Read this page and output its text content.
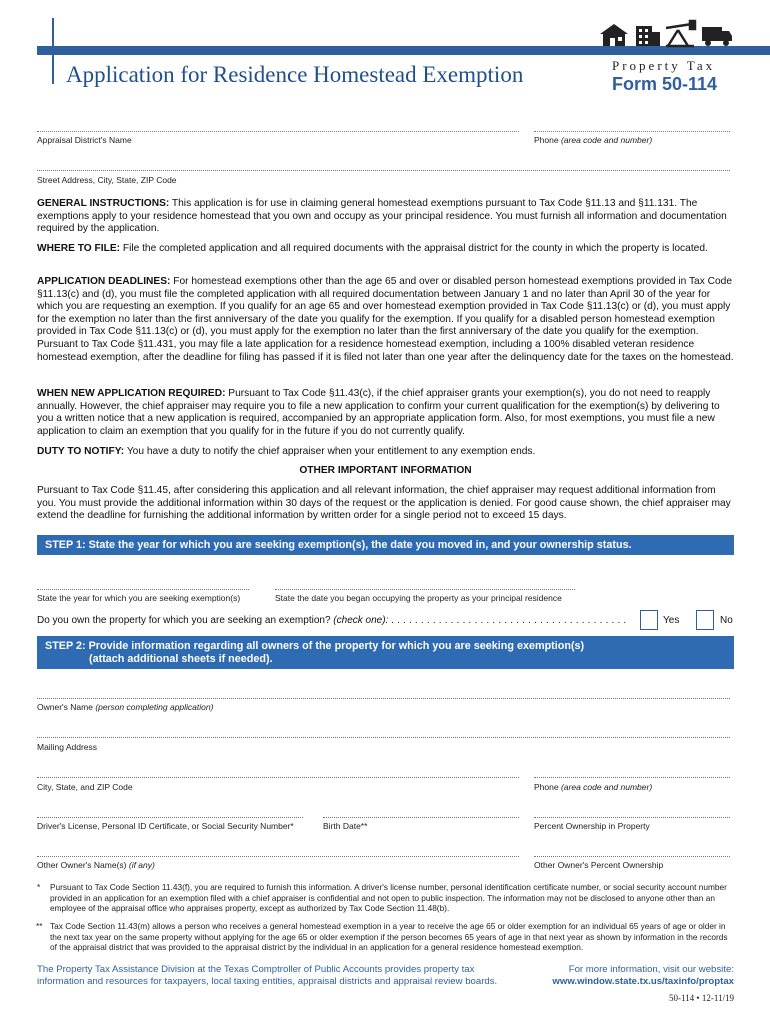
Application for Residence Homestead Exemption	Property Tax
Form 50-114
Appraisal District's Name	Phone (area code and number)
Street Address, City, State, ZIP Code
GENERAL INSTRUCTIONS: This application is for use in claiming general homestead exemptions pursuant to Tax Code §11.13 and §11.131. The exemptions apply to your residence homestead that you own and occupy as your principal residence. You must furnish all information and documentation required by the application.
WHERE TO FILE: File the completed application and all required documents with the appraisal district for the county in which the property is located.
APPLICATION DEADLINES: For homestead exemptions other than the age 65 and over or disabled person homestead exemptions provided in Tax Code §11.13(c) and (d), you must file the completed application with all required documentation between January 1 and no later than April 30 of the year for which you are requesting an exemption. If you qualify for an age 65 and over homestead exemption provided in Tax Code §11.13(c) or (d), you must apply for the exemption no later than the first anniversary of the date you qualify for the exemption. If you qualify for a disabled person homestead exemption provided in Tax Code §11.13(c) or (d), you must apply for the exemption no later than the first anniversary of the date you qualify for the exemption. Pursuant to Tax Code §11.431, you may file a late application for a residence homestead exemption, including a 100% disabled veteran residence homestead exemption, after the deadline for filing has passed if it is filed not later than one year after the delinquency date for the taxes on the homestead.
WHEN NEW APPLICATION REQUIRED: Pursuant to Tax Code §11.43(c), if the chief appraiser grants your exemption(s), you do not need to reapply annually. However, the chief appraiser may require you to file a new application to confirm your current qualification for the exemption(s) by delivering to you a written notice that a new application is required, accompanied by an appropriate application form. Also, for most exemptions, you must file a new application to claim an exemption that you qualify for in the future if you do not currently qualify.
DUTY TO NOTIFY: You have a duty to notify the chief appraiser when your entitlement to any exemption ends.
OTHER IMPORTANT INFORMATION
Pursuant to Tax Code §11.45, after considering this application and all relevant information, the chief appraiser may request additional information from you. You must provide the additional information within 30 days of the request or the application is denied. For good cause shown, the chief appraiser may extend the deadline for furnishing the additional information by written order for a single period not to exceed 15 days.
STEP 1: State the year for which you are seeking exemption(s), the date you moved in, and your ownership status.
State the year for which you are seeking exemption(s)	State the date you began occupying the property as your principal residence
Do you own the property for which you are seeking an exemption? (check one): . . . . . . . . . . . . . . . . . . . . . . . . . . . . . . . . . . . . . . . .	Yes	No
STEP 2: Provide information regarding all owners of the property for which you are seeking exemption(s)
(attach additional sheets if needed).
Owner's Name (person completing application)
Mailing Address
City, State, and ZIP Code	Phone (area code and number)
Driver's License, Personal ID Certificate, or Social Security Number*	Birth Date**	Percent Ownership in Property
Other Owner's Name(s) (if any)	Other Owner's Percent Ownership
* Pursuant to Tax Code Section 11.43(f), you are required to furnish this information. A driver's license number, personal identification certificate number, or social security account number provided in an application for an exemption filed with a chief appraiser is confidential and not open to public inspection. The information may not be disclosed to anyone other than an employee of the appraisal office who appraises property, except as authorized by Tax Code Section 11.48(b).
** Tax Code Section 11.43(m) allows a person who receives a general homestead exemption in a year to receive the age 65 or older exemption for an individual 65 years of age or older in the next tax year on the same property without applying for the age 65 or older exemption if the person becomes 65 years of age in that next year as shown by information in the records of the appraisal district that was provided to the appraisal district by the individual in an application for a general residence homestead exemption.
The Property Tax Assistance Division at the Texas Comptroller of Public Accounts provides property tax
information and resources for taxpayers, local taxing entities, appraisal districts and appraisal review boards.
For more information, visit our website:
www.window.state.tx.us/taxinfo/proptax
50-114 • 12-11/19
